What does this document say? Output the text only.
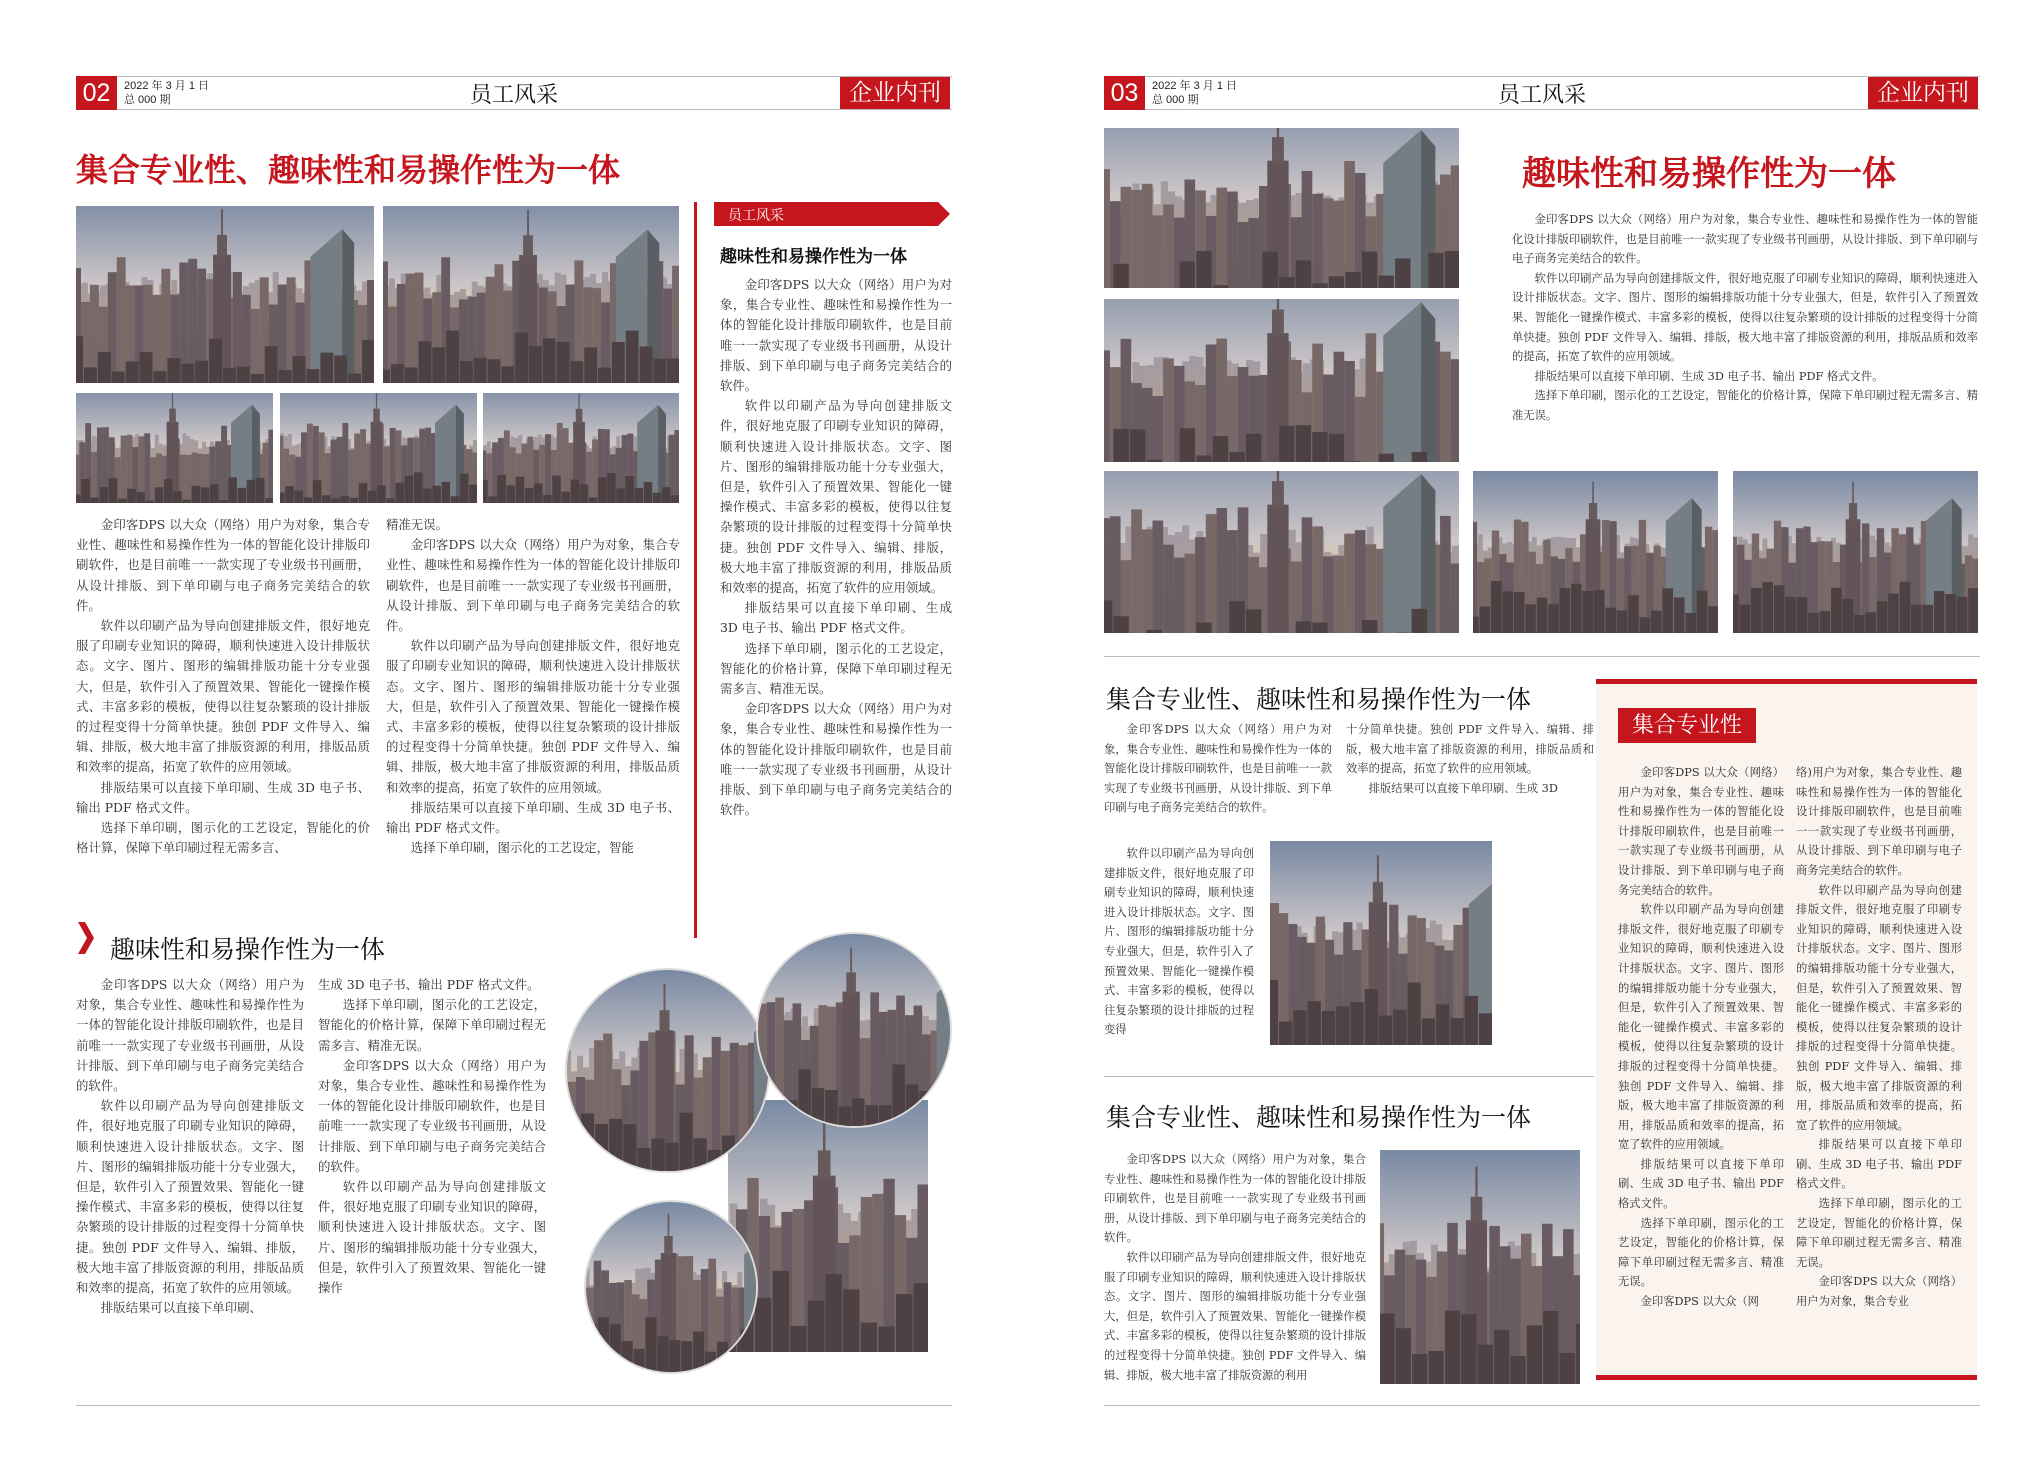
02	2022 年 3 月 1 日
总 000 期	员工风采	企业内刊
集合专业性、趣味性和易操作性为一体

金印客DPS 以大众（网络）用户为对象，集合专业性、趣味性和易操作性为一体的智能化设计排版印刷软件，也是目前唯一一款实现了专业级书刊画册，从设计排版、到下单印刷与电子商务完美结合的软件。

软件以印刷产品为导向创建排版文件，很好地克服了印刷专业知识的障碍，顺利快速进入设计排版状态。文字、图片、图形的编辑排版功能十分专业强大，但是，软件引入了预置效果、智能化一键操作模式、丰富多彩的模板，使得以往复杂繁琐的设计排版的过程变得十分简单快捷。独创 PDF 文件导入、编辑、排版，极大地丰富了排版资源的利用，排版品质和效率的提高，拓宽了软件的应用领域。

排版结果可以直接下单印刷、生成 3D 电子书、输出 PDF 格式文件。

选择下单印刷，图示化的工艺设定，智能化的价格计算，保障下单印刷过程无需多言、

精准无误。

金印客DPS 以大众（网络）用户为对象，集合专业性、趣味性和易操作性为一体的智能化设计排版印刷软件，也是目前唯一一款实现了专业级书刊画册，从设计排版、到下单印刷与电子商务完美结合的软件。

软件以印刷产品为导向创建排版文件，很好地克服了印刷专业知识的障碍，顺利快速进入设计排版状态。文字、图片、图形的编辑排版功能十分专业强大，但是，软件引入了预置效果、智能化一键操作模式、丰富多彩的模板，使得以往复杂繁琐的设计排版的过程变得十分简单快捷。独创 PDF 文件导入、编辑、排版，极大地丰富了排版资源的利用，排版品质和效率的提高，拓宽了软件的应用领域。

排版结果可以直接下单印刷、生成 3D 电子书、输出 PDF 格式文件。

选择下单印刷，图示化的工艺设定，智能

员工风采
趣味性和易操作性为一体

金印客DPS 以大众（网络）用户为对象，集合专业性、趣味性和易操作性为一体的智能化设计排版印刷软件，也是目前唯一一款实现了专业级书刊画册，从设计排版、到下单印刷与电子商务完美结合的软件。

软件以印刷产品为导向创建排版文件，很好地克服了印刷专业知识的障碍，顺利快速进入设计排版状态。文字、图片、图形的编辑排版功能十分专业强大，但是，软件引入了预置效果、智能化一键操作模式、丰富多彩的模板，使得以往复杂繁琐的设计排版的过程变得十分简单快捷。独创 PDF 文件导入、编辑、排版，极大地丰富了排版资源的利用，排版品质和效率的提高，拓宽了软件的应用领域。

排版结果可以直接下单印刷、生成 3D 电子书、输出 PDF 格式文件。

选择下单印刷，图示化的工艺设定，智能化的价格计算，保障下单印刷过程无需多言、精准无误。

金印客DPS 以大众（网络）用户为对象，集合专业性、趣味性和易操作性为一体的智能化设计排版印刷软件，也是目前唯一一款实现了专业级书刊画册，从设计排版、到下单印刷与电子商务完美结合的软件。

趣味性和易操作性为一体

金印客DPS 以大众（网络）用户为对象，集合专业性、趣味性和易操作性为一体的智能化设计排版印刷软件，也是目前唯一一款实现了专业级书刊画册，从设计排版、到下单印刷与电子商务完美结合的软件。

软件以印刷产品为导向创建排版文件，很好地克服了印刷专业知识的障碍，顺利快速进入设计排版状态。文字、图片、图形的编辑排版功能十分专业强大，但是，软件引入了预置效果、智能化一键操作模式、丰富多彩的模板，使得以往复杂繁琐的设计排版的过程变得十分简单快捷。独创 PDF 文件导入、编辑、排版，极大地丰富了排版资源的利用，排版品质和效率的提高，拓宽了软件的应用领域。

排版结果可以直接下单印刷、

生成 3D 电子书、输出 PDF 格式文件。

选择下单印刷，图示化的工艺设定，智能化的价格计算，保障下单印刷过程无需多言、精准无误。

金印客DPS 以大众（网络）用户为对象，集合专业性、趣味性和易操作性为一体的智能化设计排版印刷软件，也是目前唯一一款实现了专业级书刊画册，从设计排版、到下单印刷与电子商务完美结合的软件。

软件以印刷产品为导向创建排版文件，很好地克服了印刷专业知识的障碍，顺利快速进入设计排版状态。文字、图片、图形的编辑排版功能十分专业强大，但是，软件引入了预置效果、智能化一键操作

03	2022 年 3 月 1 日
总 000 期	员工风采	企业内刊
趣味性和易操作性为一体

金印客DPS 以大众（网络）用户为对象，集合专业性、趣味性和易操作性为一体的智能化设计排版印刷软件，也是目前唯一一款实现了专业级书刊画册，从设计排版、到下单印刷与电子商务完美结合的软件。

软件以印刷产品为导向创建排版文件，很好地克服了印刷专业知识的障碍，顺利快速进入设计排版状态。文字、图片、图形的编辑排版功能十分专业强大，但是，软件引入了预置效果、智能化一键操作模式、丰富多彩的模板，使得以往复杂繁琐的设计排版的过程变得十分简单快捷。独创 PDF 文件导入、编辑、排版，极大地丰富了排版资源的利用，排版品质和效率的提高，拓宽了软件的应用领域。

排版结果可以直接下单印刷、生成 3D 电子书、输出 PDF 格式文件。

选择下单印刷，图示化的工艺设定，智能化的价格计算，保障下单印刷过程无需多言、精准无误。

集合专业性、趣味性和易操作性为一体

金印客DPS 以大众（网络）用户为对象，集合专业性、趣味性和易操作性为一体的智能化设计排版印刷软件，也是目前唯一一款实现了专业级书刊画册，从设计排版、到下单印刷与电子商务完美结合的软件。

软件以印刷产品为导向创建排版文件，很好地克服了印刷专业知识的障碍，顺利快速进入设计排版状态。文字、图片、图形的编辑排版功能十分专业强大，但是，软件引入了预置效果、智能化一键操作模式、丰富多彩的模板，使得以往复杂繁琐的设计排版的过程变得

十分简单快捷。独创 PDF 文件导入、编辑、排版，极大地丰富了排版资源的利用，排版品质和效率的提高，拓宽了软件的应用领域。

排版结果可以直接下单印刷、生成 3D

集合专业性、趣味性和易操作性为一体

金印客DPS 以大众（网络）用户为对象，集合专业性、趣味性和易操作性为一体的智能化设计排版印刷软件，也是目前唯一一款实现了专业级书刊画册，从设计排版、到下单印刷与电子商务完美结合的软件。

软件以印刷产品为导向创建排版文件，很好地克服了印刷专业知识的障碍，顺利快速进入设计排版状态。文字、图片、图形的编辑排版功能十分专业强大，但是，软件引入了预置效果、智能化一键操作模式、丰富多彩的模板，使得以往复杂繁琐的设计排版的过程变得十分简单快捷。独创 PDF 文件导入、编辑、排版，极大地丰富了排版资源的利用

集合专业性

金印客DPS 以大众（网络）用户为对象，集合专业性、趣味性和易操作性为一体的智能化设计排版印刷软件，也是目前唯一一款实现了专业级书刊画册，从设计排版、到下单印刷与电子商务完美结合的软件。

软件以印刷产品为导向创建排版文件，很好地克服了印刷专业知识的障碍，顺利快速进入设计排版状态。文字、图片、图形的编辑排版功能十分专业强大，但是，软件引入了预置效果、智能化一键操作模式、丰富多彩的模板，使得以往复杂繁琐的设计排版的过程变得十分简单快捷。独创 PDF 文件导入、编辑、排版，极大地丰富了排版资源的利用，排版品质和效率的提高，拓宽了软件的应用领域。

排版结果可以直接下单印刷、生成 3D 电子书、输出 PDF 格式文件。

选择下单印刷，图示化的工艺设定，智能化的价格计算，保障下单印刷过程无需多言、精准无误。

金印客DPS 以大众（网

络)用户为对象，集合专业性、趣味性和易操作性为一体的智能化设计排版印刷软件，也是目前唯一一款实现了专业级书刊画册，从设计排版、到下单印刷与电子商务完美结合的软件。

软件以印刷产品为导向创建排版文件，很好地克服了印刷专业知识的障碍，顺利快速进入设计排版状态。文字、图片、图形的编辑排版功能十分专业强大，但是，软件引入了预置效果、智能化一键操作模式、丰富多彩的模板，使得以往复杂繁琐的设计排版的过程变得十分简单快捷。独创 PDF 文件导入、编辑、排版，极大地丰富了排版资源的利用，排版品质和效率的提高，拓宽了软件的应用领域。

排版结果可以直接下单印刷、生成 3D 电子书、输出 PDF 格式文件。

选择下单印刷，图示化的工艺设定，智能化的价格计算，保障下单印刷过程无需多言、精准无误。

金印客DPS 以大众（网络）用户为对象，集合专业
